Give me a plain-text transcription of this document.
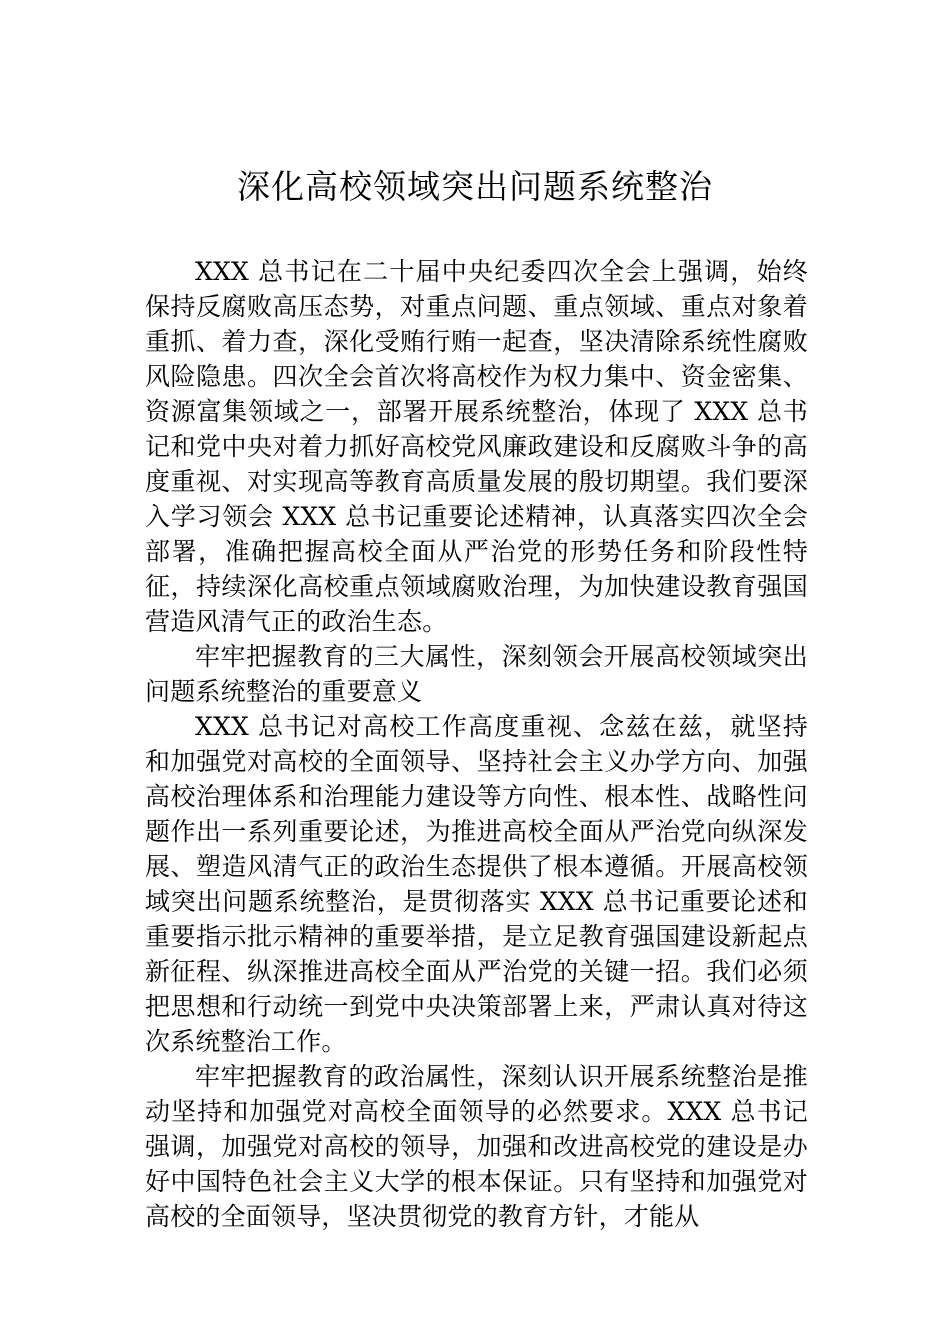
深化高校领域突出问题系统整治

XXX 总书记在二十届中央纪委四次全会上强调，始终保持反腐败高压态势，对重点问题、重点领域、重点对象着重抓、着力查，深化受贿行贿一起查，坚决清除系统性腐败风险隐患。四次全会首次将高校作为权力集中、资金密集、资源富集领域之一，部署开展系统整治，体现了 XXX 总书记和党中央对着力抓好高校党风廉政建设和反腐败斗争的高度重视、对实现高等教育高质量发展的殷切期望。我们要深入学习领会 XXX 总书记重要论述精神，认真落实四次全会部署，准确把握高校全面从严治党的形势任务和阶段性特征，持续深化高校重点领域腐败治理，为加快建设教育强国营造风清气正的政治生态。

牢牢把握教育的三大属性，深刻领会开展高校领域突出问题系统整治的重要意义

XXX 总书记对高校工作高度重视、念兹在兹，就坚持和加强党对高校的全面领导、坚持社会主义办学方向、加强高校治理体系和治理能力建设等方向性、根本性、战略性问题作出一系列重要论述，为推进高校全面从严治党向纵深发展、塑造风清气正的政治生态提供了根本遵循。开展高校领域突出问题系统整治，是贯彻落实 XXX 总书记重要论述和重要指示批示精神的重要举措，是立足教育强国建设新起点新征程、纵深推进高校全面从严治党的关键一招。我们必须把思想和行动统一到党中央决策部署上来，严肃认真对待这次系统整治工作。

牢牢把握教育的政治属性，深刻认识开展系统整治是推动坚持和加强党对高校全面领导的必然要求。XXX 总书记强调，加强党对高校的领导，加强和改进高校党的建设是办好中国特色社会主义大学的根本保证。只有坚持和加强党对高校的全面领导，坚决贯彻党的教育方针，才能从
